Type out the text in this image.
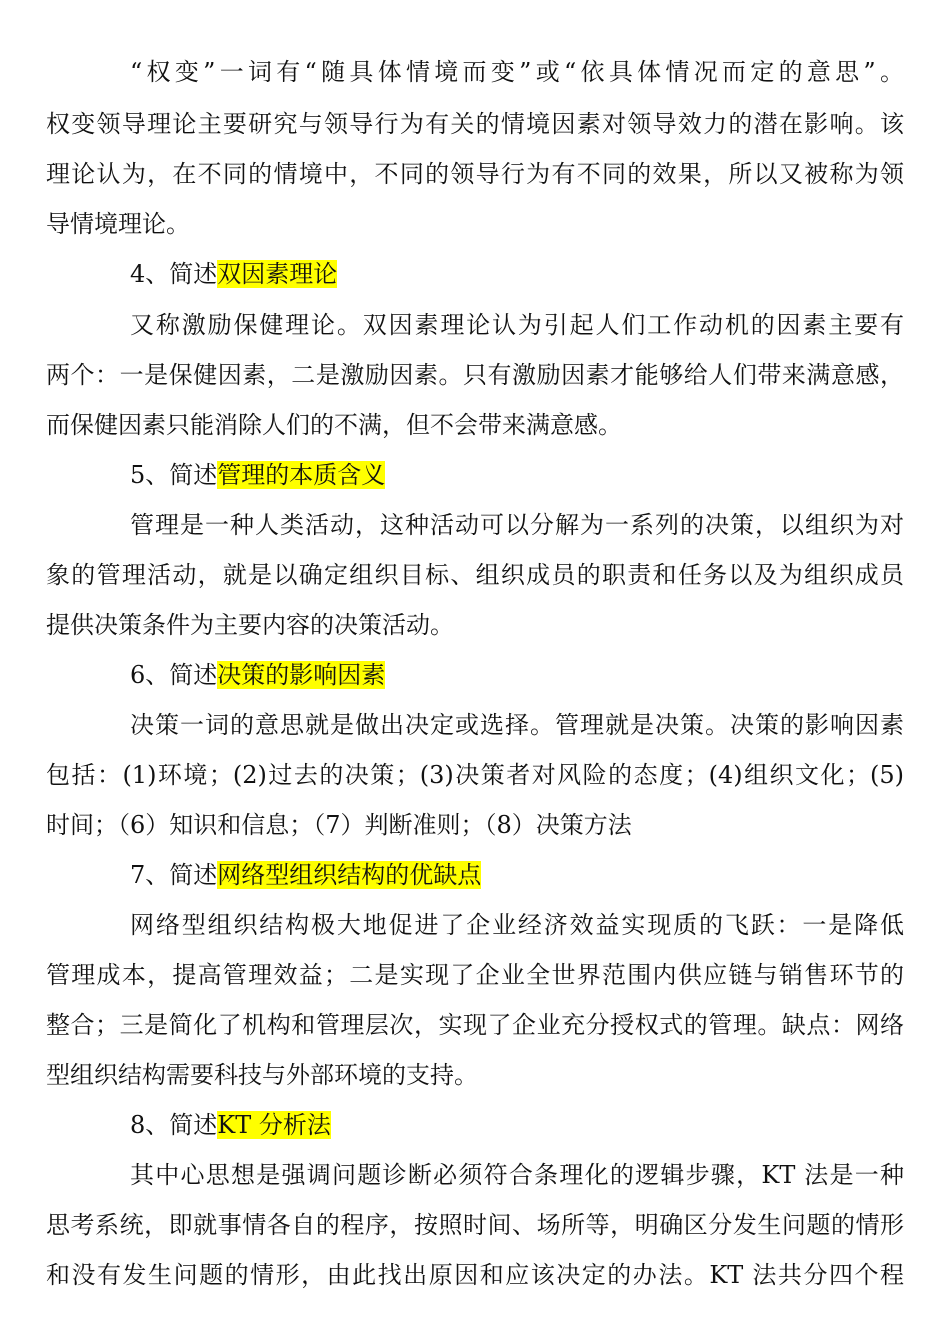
“权变”一词有“随具体情境而变”或“依具体情况而定的意思”。
权变领导理论主要研究与领导行为有关的情境因素对领导效力的潜在影响。该
理论认为，在不同的情境中，不同的领导行为有不同的效果，所以又被称为领
导情境理论。
4、简述双因素理论
又称激励保健理论。双因素理论认为引起人们工作动机的因素主要有
两个：一是保健因素，二是激励因素。只有激励因素才能够给人们带来满意感，
而保健因素只能消除人们的不满，但不会带来满意感。
5、简述管理的本质含义
管理是一种人类活动，这种活动可以分解为一系列的决策，以组织为对
象的管理活动，就是以确定组织目标、组织成员的职责和任务以及为组织成员
提供决策条件为主要内容的决策活动。
6、简述决策的影响因素
决策一词的意思就是做出决定或选择。管理就是决策。决策的影响因素
包括：(1)环境；(2)过去的决策；(3)决策者对风险的态度；(4)组织文化；(5)
时间；（6）知识和信息；（7）判断准则；（8）决策方法
7、简述网络型组织结构的优缺点
网络型组织结构极大地促进了企业经济效益实现质的飞跃：一是降低
管理成本，提高管理效益；二是实现了企业全世界范围内供应链与销售环节的
整合；三是简化了机构和管理层次，实现了企业充分授权式的管理。缺点：网络
型组织结构需要科技与外部环境的支持。
8、简述KT 分析法
其中心思想是强调问题诊断必须符合条理化的逻辑步骤，KT 法是一种
思考系统，即就事情各自的程序，按照时间、场所等，明确区分发生问题的情形
和没有发生问题的情形，由此找出原因和应该决定的办法。KT 法共分四个程
